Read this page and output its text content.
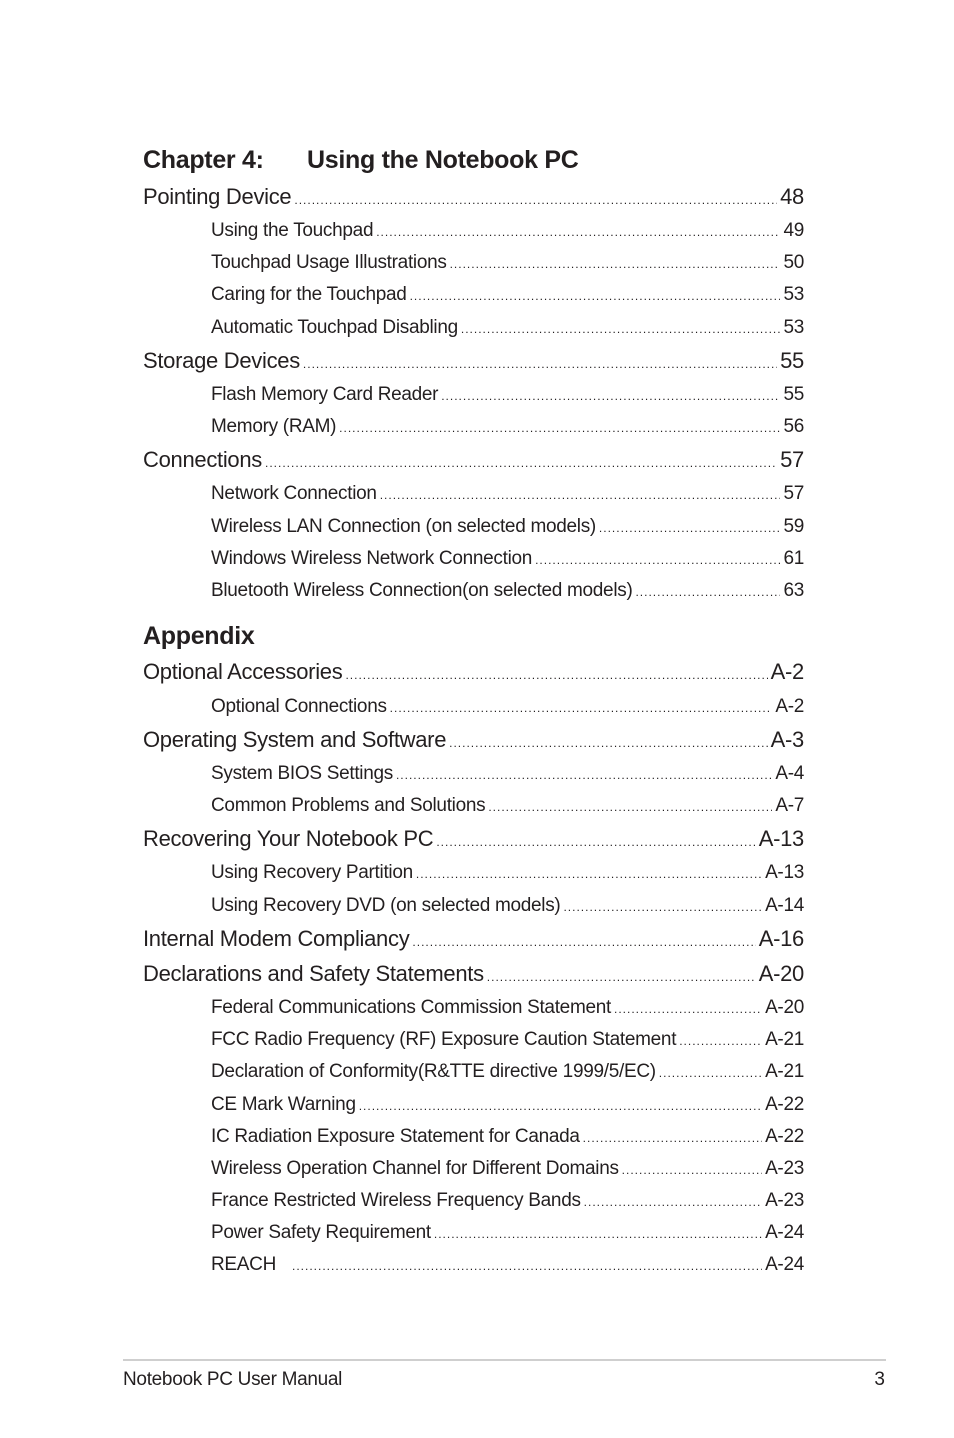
Chapter 4: Using the Notebook PC
Pointing Device .....	48
Using the Touchpad .....	49
Touchpad Usage Illustrations .....	50
Caring for the Touchpad .....	53
Automatic Touchpad Disabling .....	53
Storage Devices .....	55
Flash Memory Card Reader .....	55
Memory (RAM) .....	56
Connections .....	57
Network Connection .....	57
Wireless LAN Connection (on selected models) .....	59
Windows Wireless Network Connection .....	61
Bluetooth Wireless Connection(on selected models) .....	63
Appendix
Optional Accessories .....	A-2
Optional Connections .....	A-2
Operating System and Software .....	A-3
System BIOS Settings .....	A-4
Common Problems and Solutions .....	A-7
Recovering Your Notebook PC .....	A-13
Using Recovery Partition .....	A-13
Using Recovery DVD (on selected models) .....	A-14
Internal Modem Compliancy .....	A-16
Declarations and Safety Statements .....	A-20
Federal Communications Commission Statement .....	A-20
FCC Radio Frequency (RF) Exposure Caution Statement .....	A-21
Declaration of Conformity(R&TTE directive 1999/5/EC) .....	A-21
CE Mark Warning .....	A-22
IC Radiation Exposure Statement for Canada .....	A-22
Wireless Operation Channel for Different Domains .....	A-23
France Restricted Wireless Frequency Bands .....	A-23
Power Safety Requirement .....	A-24
REACH .....	A-24
Notebook PC User Manual	3
